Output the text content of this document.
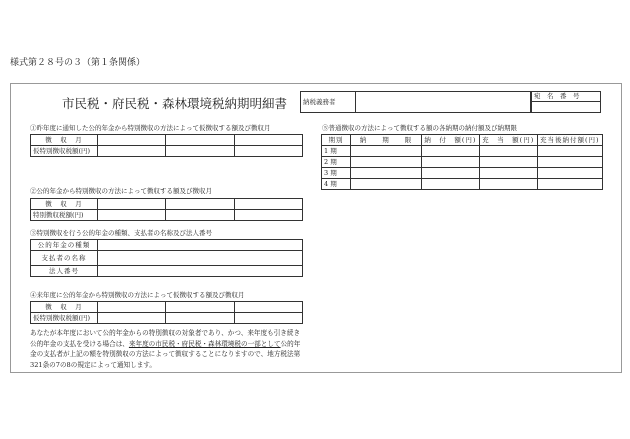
様式第２８号の３（第１条関係）
市民税・府民税・森林環境税納期明細書 納税義務者	
宛　名　番　号

①昨年度に通知した公的年金から特別徴収の方法によって仮徴収する額及び徴収月
徴　収　月			
仮特別徴収税額(円)			
⑤普通徴収の方法によって徴収する額の各納期の納付額及び納期限
期別	納　　期　　限	納　付　額(円)	充　当　額(円)	充当後納付額(円)
1 期				
2 期				
3 期				
4 期				
②公的年金から特別徴収の方法によって徴収する額及び徴収月
徴　収　月			
特別徴収税額(円)			
③特別徴収を行う公的年金の種類、支払者の名称及び法人番号
公的年金の種類	
支払者の名称	
法人番号	
④来年度に公的年金から特別徴収の方法によって仮徴収する額及び徴収月
徴　収　月			
仮特別徴収税額(円)			
あなたが本年度において公的年金からの特別徴収の対象者であり、かつ、来年度も引き続き公的年金の支払を受ける場合は、来年度の市民税・府民税・森林環境税の一部として公的年金の支払者が上記の額を特別徴収の方法によって徴収することになりますので、地方税法第321条の7の8の規定によって通知します。
